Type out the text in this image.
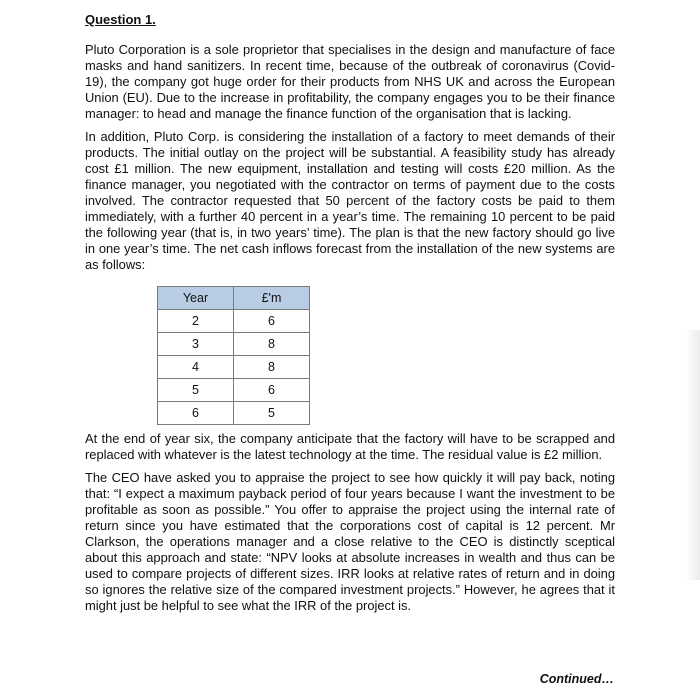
Question 1.

Pluto Corporation is a sole proprietor that specialises in the design and manufacture of face masks and hand sanitizers. In recent time, because of the outbreak of coronavirus (Covid-19), the company got huge order for their products from NHS UK and across the European Union (EU). Due to the increase in profitability, the company engages you to be their finance manager: to head and manage the finance function of the organisation that is lacking.

In addition, Pluto Corp. is considering the installation of a factory to meet demands of their products. The initial outlay on the project will be substantial. A feasibility study has already cost £1 million. The new equipment, installation and testing will costs £20 million. As the finance manager, you negotiated with the contractor on terms of payment due to the costs involved. The contractor requested that 50 percent of the factory costs be paid to them immediately, with a further 40 percent in a year’s time. The remaining 10 percent to be paid the following year (that is, in two years’ time). The plan is that the new factory should go live in one year’s time. The net cash inflows forecast from the installation of the new systems are as follows:

Year	£'m
2	6
3	8
4	8
5	6
6	5

At the end of year six, the company anticipate that the factory will have to be scrapped and replaced with whatever is the latest technology at the time. The residual value is £2 million.

The CEO have asked you to appraise the project to see how quickly it will pay back, noting that: “I expect a maximum payback period of four years because I want the investment to be profitable as soon as possible.” You offer to appraise the project using the internal rate of return since you have estimated that the corporations cost of capital is 12 percent. Mr Clarkson, the operations manager and a close relative to the CEO is distinctly sceptical about this approach and state: “NPV looks at absolute increases in wealth and thus can be used to compare projects of different sizes. IRR looks at relative rates of return and in doing so ignores the relative size of the compared investment projects.” However, he agrees that it might just be helpful to see what the IRR of the project is.

Continued…
